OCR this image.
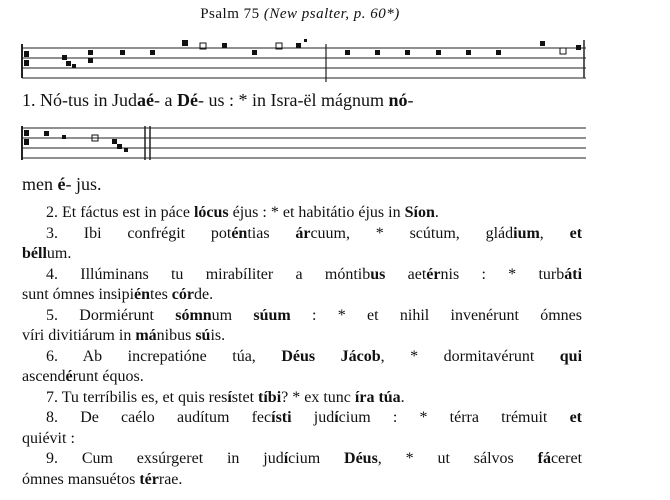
Psalm 75 (New psalter, p. 60*)
1. Nó-tus in Judaé- a Dé- us : * in Isra-ël mágnum nó-
men é- jus.
2. Et fáctus est in páce lócus éjus : * et habitátio éjus in Síon.
3. Ibi confrégit poténtias árcuum, * scútum, gládium, et
béllum.
4. Illúminans tu mirabíliter a móntibus aetérnis : * turbáti
sunt ómnes insipiéntes córde.
5. Dormiérunt sómnum súum : * et nihil invenérunt ómnes
víri divitiárum in mánibus súis.
6. Ab increpatióne túa, Déus Jácob, * dormitavérunt qui
ascendérunt équos.
7. Tu terríbilis es, et quis resístet tíbi? * ex tunc íra túa.
8. De caélo audítum fecísti judícium : * térra trémuit et
quiévit :
9. Cum exsúrgeret in judícium Déus, * ut sálvos fáceret
ómnes mansuétos térrae.
